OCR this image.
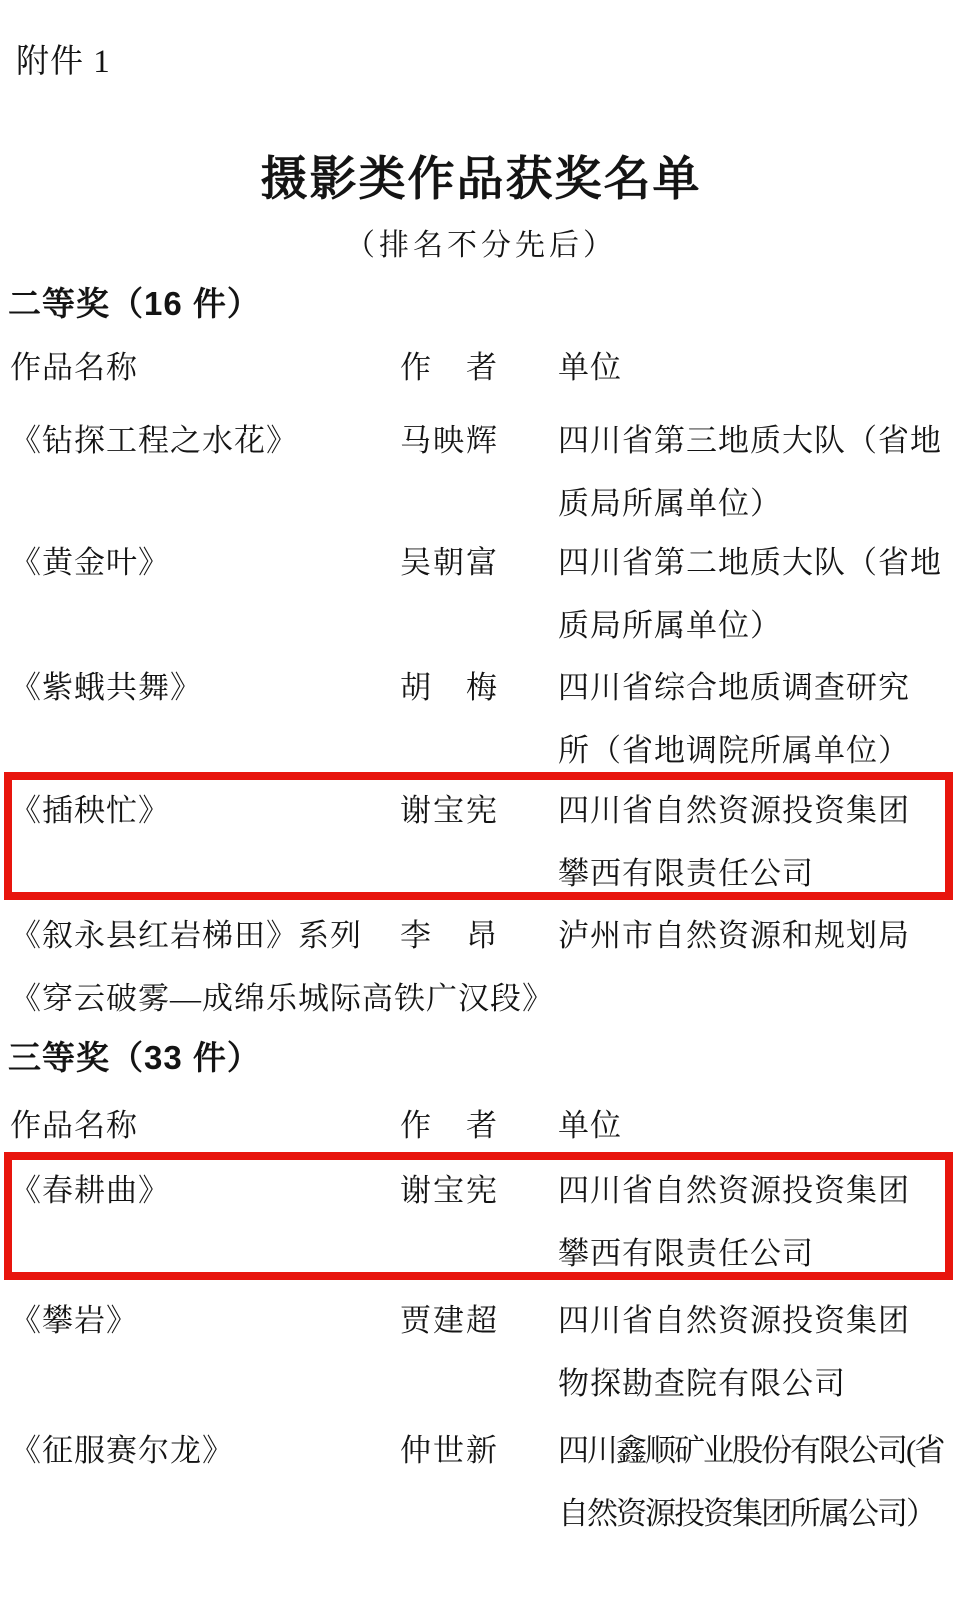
附件 1
摄影类作品获奖名单
（排名不分先后）
二等奖（16 件）
作品名称	作　者 单位
《钻探工程之水花》	马映辉 四川省第三地质大队（省地
质局所属单位）
《黄金叶》	吴朝富 四川省第二地质大队（省地
质局所属单位）
《紫蛾共舞》	胡　梅 四川省综合地质调查研究
所（省地调院所属单位）
《插秧忙》	谢宝宪 四川省自然资源投资集团
攀西有限责任公司
《叙永县红岩梯田》系列 李　昂 泸州市自然资源和规划局
《穿云破雾—成绵乐城际高铁广汉段》
三等奖（33 件）
作品名称	作　者 单位
《春耕曲》	谢宝宪 四川省自然资源投资集团
攀西有限责任公司
《攀岩》	贾建超 四川省自然资源投资集团
物探勘查院有限公司
《征服赛尔龙》	仲世新 四川鑫顺矿业股份有限公司(省
自然资源投资集团所属公司）
